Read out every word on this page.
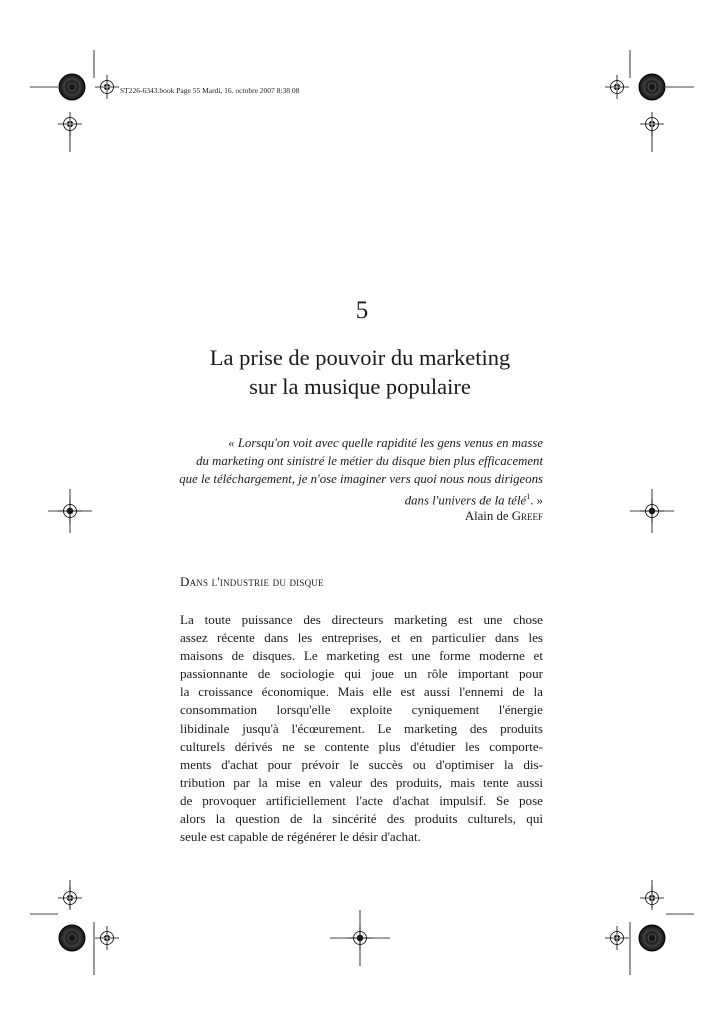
ST226-6343.book Page 55 Mardi, 16. octobre 2007 8:38 08
5
La prise de pouvoir du marketing
sur la musique populaire
« Lorsqu'on voit avec quelle rapidité les gens venus en masse
du marketing ont sinistré le métier du disque bien plus efficacement
que le téléchargement, je n'ose imaginer vers quoi nous nous dirigeons
dans l'univers de la télé$^1$. »
Alain de Greef
Dans l'industrie du disque
La toute puissance des directeurs marketing est une chose
assez récente dans les entreprises, et en particulier dans les
maisons de disques. Le marketing est une forme moderne et
passionnante de sociologie qui joue un rôle important pour
la croissance économique. Mais elle est aussi l'ennemi de la
consommation lorsqu'elle exploite cyniquement l'énergie
libidinale jusqu'à l'écœurement. Le marketing des produits
culturels dérivés ne se contente plus d'étudier les comporte-
ments d'achat pour prévoir le succès ou d'optimiser la dis-
tribution par la mise en valeur des produits, mais tente aussi
de provoquer artificiellement l'acte d'achat impulsif. Se pose
alors la question de la sincérité des produits culturels, qui
seule est capable de régénérer le désir d'achat.
